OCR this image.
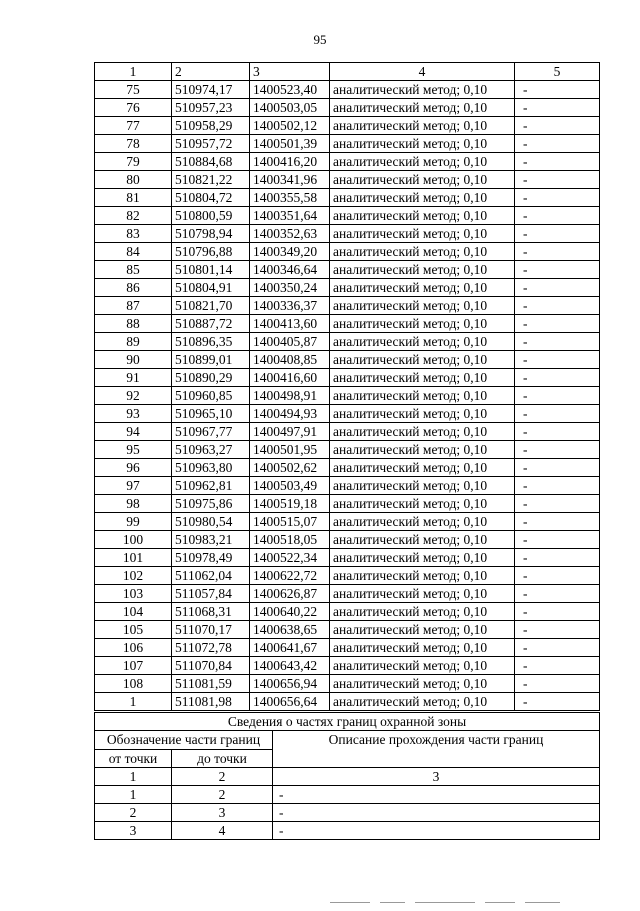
95
1	2	3	4	5
75	510974,17	1400523,40	аналитический метод; 0,10	-
76	510957,23	1400503,05	аналитический метод; 0,10	-
77	510958,29	1400502,12	аналитический метод; 0,10	-
78	510957,72	1400501,39	аналитический метод; 0,10	-
79	510884,68	1400416,20	аналитический метод; 0,10	-
80	510821,22	1400341,96	аналитический метод; 0,10	-
81	510804,72	1400355,58	аналитический метод; 0,10	-
82	510800,59	1400351,64	аналитический метод; 0,10	-
83	510798,94	1400352,63	аналитический метод; 0,10	-
84	510796,88	1400349,20	аналитический метод; 0,10	-
85	510801,14	1400346,64	аналитический метод; 0,10	-
86	510804,91	1400350,24	аналитический метод; 0,10	-
87	510821,70	1400336,37	аналитический метод; 0,10	-
88	510887,72	1400413,60	аналитический метод; 0,10	-
89	510896,35	1400405,87	аналитический метод; 0,10	-
90	510899,01	1400408,85	аналитический метод; 0,10	-
91	510890,29	1400416,60	аналитический метод; 0,10	-
92	510960,85	1400498,91	аналитический метод; 0,10	-
93	510965,10	1400494,93	аналитический метод; 0,10	-
94	510967,77	1400497,91	аналитический метод; 0,10	-
95	510963,27	1400501,95	аналитический метод; 0,10	-
96	510963,80	1400502,62	аналитический метод; 0,10	-
97	510962,81	1400503,49	аналитический метод; 0,10	-
98	510975,86	1400519,18	аналитический метод; 0,10	-
99	510980,54	1400515,07	аналитический метод; 0,10	-
100	510983,21	1400518,05	аналитический метод; 0,10	-
101	510978,49	1400522,34	аналитический метод; 0,10	-
102	511062,04	1400622,72	аналитический метод; 0,10	-
103	511057,84	1400626,87	аналитический метод; 0,10	-
104	511068,31	1400640,22	аналитический метод; 0,10	-
105	511070,17	1400638,65	аналитический метод; 0,10	-
106	511072,78	1400641,67	аналитический метод; 0,10	-
107	511070,84	1400643,42	аналитический метод; 0,10	-
108	511081,59	1400656,94	аналитический метод; 0,10	-
1	511081,98	1400656,64	аналитический метод; 0,10	-
Сведения о частях границ охранной зоны		
Обозначение части границ		Описание прохождения части границ
от точки	до точки	
1	2	3
1	2	-
2	3	-
3	4	-
